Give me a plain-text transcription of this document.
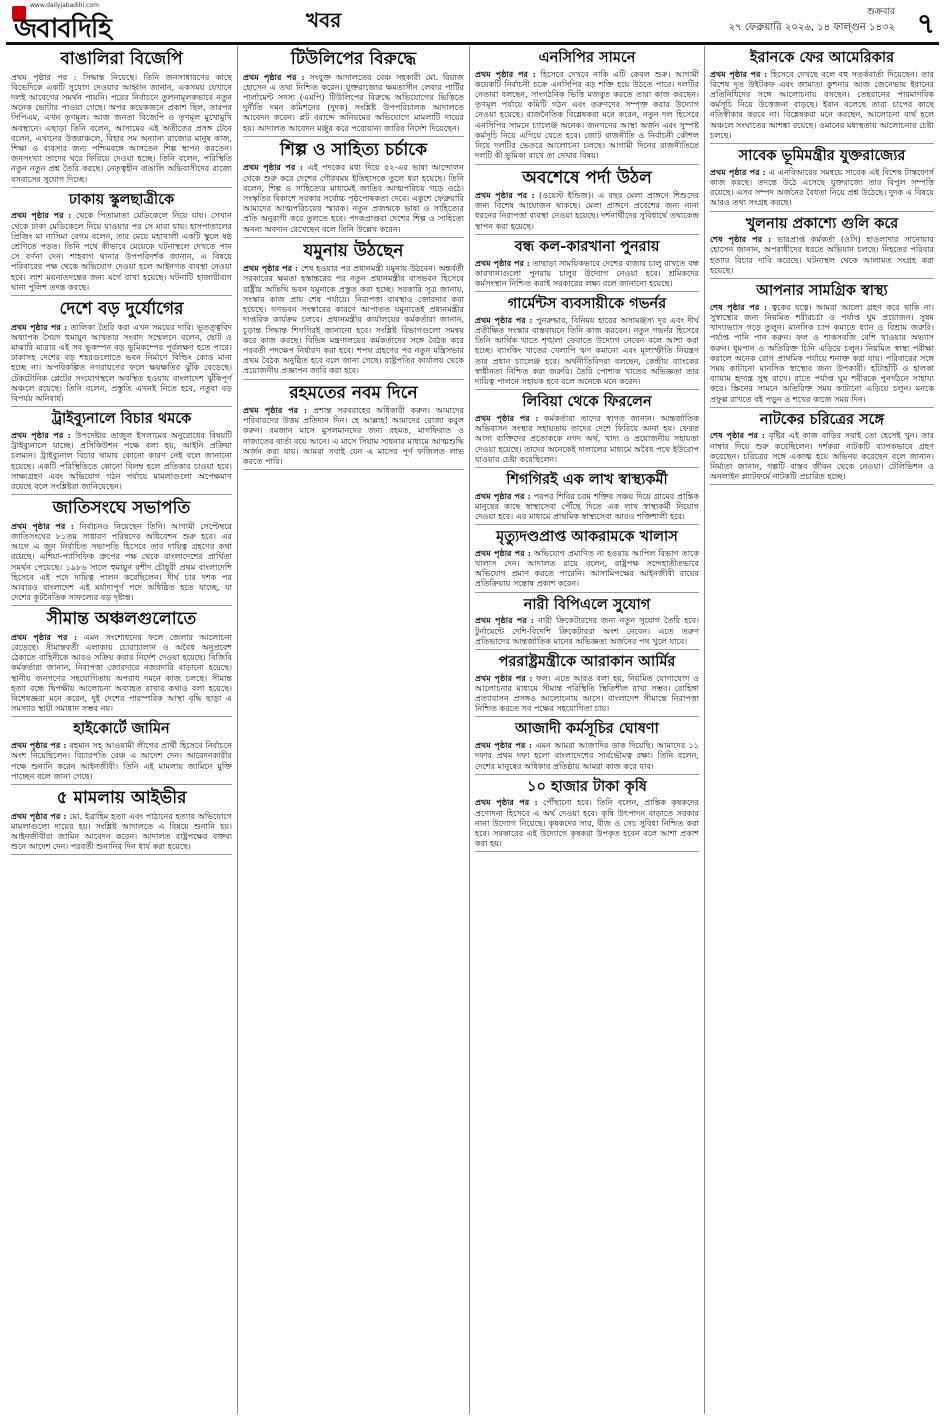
www.dailyjabadihi.com
জবাবদিহি	খবর	শুক্রবার
২৭ ফেব্রুয়ারি ২০২৬, ১৪ ফাল্গুন ১৪৩২ ৭
বাঙালিরা বিজেপি

প্রথম পৃষ্ঠার পর : সিদ্ধান্ত নিয়েছে। তিনি জনসাধারণের কাছে বিভেদিকে একটি সুযোগ দেওয়ার আহ্বান জানান, একসময় যেখানে দলই আবেগের সমর্থন পায়নি। পরের নির্বাচনে তুলনামূলকভাবে নতুন অনেক ভোটার পাওয়া গেছে। অপর কয়েকজনে প্রকাশ ছিল, তারপর সিপিএম, এখন তৃণমূল। আজ জনতা বিজেপি ও তৃণমূল মুখোমুখি অবস্থানে। এছাড়া তিনি বলেন, আসামের এই অতীতের প্রসঙ্গ টেনে বলেন, এখানের উত্তরাঞ্চলে, বিহার সম অন্যান্য রাজ্যের মানুষ কাজ, শিক্ষা ও ব্যবসার জন্য পশ্চিমবঙ্গে আসতেন শিল্প স্থাপন করতেন। জনসংখ্যা তাদের ঘরে ফিরিয়ে দেওয়া হচ্ছে। তিনি বলেন, পরিস্থিতি নতুন নতুন প্রশ্ন তৈরি করছে। নেতৃত্বহীন বাঙালি অভিবাসীদের রাজ্যে বসবাসের সুযোগ দিচ্ছে।

ঢাকায় স্কুলছাত্রীকে

প্রথম পৃষ্ঠার পর : থেকে পিতামাতা মেডিকেলে নিয়ে যায়। সেখান থেকে ঢাকা মেডিকেলে নিয়ে যাওয়ার পর সে মারা যায়। হাসপাতালের প্রিজিং মা নাসিমা বেগম বলেন, তার মেয়ে মহাখালী একটি স্কুলে ষষ্ঠ শ্রেণিতে পড়ত। তিনি পথে কীভাবে মেয়েকে ঘটনাস্থলে দেখতে পান সে বর্ণনা দেন। শাহবাগ থানার উপপরিদর্শক জানান, এ বিষয়ে পরিবারের পক্ষ থেকে অভিযোগ দেওয়া হলে আইনগত ব্যবস্থা নেওয়া হবে। লাশ ময়নাতদন্তের জন্য মর্গে রাখা হয়েছে। ঘটনাটি হাজারীবাগ থানা পুলিশ তদন্ত করছে।

দেশে বড় দুর্যোগের

প্রথম পৃষ্ঠার পর : তালিকা তৈরি করা এখন সময়ের দাবি। ভূতত্ত্ববিদ অধ্যাপক সৈয়দ হুমায়ুন আখতার সংবাদ সম্মেলনে বলেন, ছোট ও মাঝারি মাত্রার এই সব ভূকম্পন বড় ভূমিকম্পের পূর্বলক্ষণ হতে পারে। ঢাকাসহ দেশের বড় শহরগুলোতে ভবন নির্মাণে বিল্ডিং কোড মানা হচ্ছে না। অপরিকল্পিত নগরায়ণের ফলে ক্ষয়ক্ষতির ঝুঁকি বেড়েছে। টেকটোনিক প্লেটের সংযোগস্থলে অবস্থিত হওয়ায় বাংলাদেশ ঝুঁকিপূর্ণ অঞ্চলে রয়েছে। তিনি বলেন, প্রস্তুতি এখনই নিতে হবে, নতুবা বড় বিপর্যয় অনিবার্য।

ট্রাইব্যুনালে বিচার থমকে

প্রথম পৃষ্ঠার পর : উপদেষ্টার তাজুল ইসলামের অনুরোধের বিষয়টি ট্রাইব্যুনালে যাচ্ছে। প্রসিকিউশন পক্ষে বলা হয়, আইনি প্রক্রিয়া চলমান। ট্রাইব্যুনাল বিচার থামার কোনো কারণ নেই বলে জানানো হয়েছে। একটি পরিস্থিতিতে কোনো বিলম্ব হলে প্রতিকার চাওয়া হবে। সাক্ষ্যগ্রহণ এবং অভিযোগ গঠন পর্যায়ে মামলাগুলো অপেক্ষমাণ রয়েছে বলে সংশ্লিষ্টরা জানিয়েছেন।

জাতিসংঘে সভাপতি

প্রথম পৃষ্ঠার পর : নির্বাচনও নিয়েছেন তিনি। আগামী সেপ্টেম্বরে জাতিসংঘের ৮১তম সাধারণ পরিষদের অধিবেশন শুরু হবে। এর আগে এ জুন নির্বাচিত সভাপতি হিসেবে তার দায়িত্ব গ্রহণের কথা রয়েছে। এশিয়া-প্যাসিফিক গ্রুপের পক্ষ থেকে বাংলাদেশের প্রার্থিতা সমর্থন পেয়েছে। ১৯৮৬ সালে হুমায়ুন রশীদ চৌধুরী প্রথম বাংলাদেশি হিসেবে এই পদে দায়িত্ব পালন করেছিলেন। দীর্ঘ চার দশক পর আবারও বাংলাদেশ এই মর্যাদাপূর্ণ পদে অধিষ্ঠিত হতে যাচ্ছে, যা দেশের কূটনৈতিক সাফল্যের বড় দৃষ্টান্ত।

সীমান্ত অঞ্চলগুলোতে

প্রথম পৃষ্ঠার পর : এমন সংশোধনের ফলে জেলার আলোচনা বেড়েছে। সীমান্তবর্তী এলাকায় চোরাচালান ও অবৈধ অনুপ্রবেশ ঠেকাতে বাহিনীকে আরও সক্রিয় করার নির্দেশ দেওয়া হয়েছে। বিজিবি কর্মকর্তারা জানান, নিরাপত্তা জোরদারে নজরদারি বাড়ানো হয়েছে। স্থানীয় জনগণের সহযোগিতায় অপরাধ দমনে কাজ চলছে। সীমান্ত হত্যা বন্ধে দ্বিপক্ষীয় আলোচনা অব্যাহত রাখার কথাও বলা হয়েছে। বিশেষজ্ঞরা মনে করেন, দুই দেশের পারস্পরিক আস্থা বৃদ্ধি ছাড়া এ সমস্যার স্থায়ী সমাধান সম্ভব নয়।

হাইকোর্টে জামিন

প্রথম পৃষ্ঠার পর : রহমান সহ আওয়ামী লীগের প্রার্থী হিসেবে নির্বাচনে অংশ নিয়েছিলেন। বিচারপতি বেঞ্চ এ আদেশ দেন। আবেদনকারীর পক্ষে শুনানি করেন আইনজীবী। তিনি এই মামলায় জামিনে মুক্তি পাচ্ছেন বলে জানা গেছে।

৫ মামলায় আইভীর

প্রথম পৃষ্ঠার পর : মো. ইব্রাহিম হত্যা এবং পাঠানের হত্যার অভিযোগে মামলাগুলো দায়ের হয়। সংশ্লিষ্ট আদালতে এ বিষয়ে শুনানি হয়। আইনজীবীরা জামিন আবেদন করেন। আদালত রাষ্ট্রপক্ষের বক্তব্য শুনে আদেশ দেন। পরবর্তী শুনানির দিন ধার্য করা হয়েছে।

টিউলিপের বিরুদ্ধে

প্রথম পৃষ্ঠার পর : সংযুক্ত আদালতের বেঞ্চ সহকারী মো. রিয়াজ হোসেন এ তথ্য নিশ্চিত করেন। যুক্তরাজ্যের ক্ষমতাসীন লেবার পার্টির পার্লামেন্ট সদস্য (এমপি) টিউলিপের বিরুদ্ধে অভিযোগের ভিত্তিতে দুর্নীতি দমন কমিশনের (দুদক) সংশ্লিষ্ট উপপরিচালক আদালতে আবেদন করেন। প্লট বরাদ্দে অনিয়মের অভিযোগে মামলাটি দায়ের হয়। আদালত আবেদন মঞ্জুর করে পরোয়ানা জারির নির্দেশ দিয়েছেন।

শিল্প ও সাহিত্য চর্চাকে

প্রথম পৃষ্ঠার পর : এই পদকের মধ্য দিয়ে ৫২-এর ভাষা আন্দোলন থেকে শুরু করে দেশের গৌরবময় ইতিহাসকে তুলে ধরা হয়েছে। তিনি বলেন, শিল্প ও সাহিত্যের মাধ্যমেই জাতির আত্মপরিচয় গড়ে ওঠে। সংস্কৃতির বিকাশে সরকার সর্বোচ্চ পৃষ্ঠপোষকতা দেবে। একুশে ফেব্রুয়ারি আমাদের আত্মপরিচয়ের স্মারক। নতুন প্রজন্মকে ভাষা ও সাহিত্যের প্রতি অনুরাগী করে তুলতে হবে। পদকপ্রাপ্তরা দেশের শিল্প ও সাহিত্যে অনন্য অবদান রেখেছেন বলে তিনি উল্লেখ করেন।

যমুনায় উঠছেন

প্রথম পৃষ্ঠার পর : শেষ হওয়ার পর প্রধানমন্ত্রী যমুনায় উঠবেন। অন্তর্বর্তী সরকারের ক্ষমতা হস্তান্তরের পর নতুন প্রধানমন্ত্রীর বাসভবন হিসেবে রাষ্ট্রীয় অতিথি ভবন যমুনাকে প্রস্তুত করা হচ্ছে। সরকারি সূত্র জানায়, সংস্কার কাজ প্রায় শেষ পর্যায়ে। নিরাপত্তা ব্যবস্থাও জোরদার করা হয়েছে। গণভবন সংস্কারের কারণে আপাতত যমুনাতেই প্রধানমন্ত্রীর দাপ্তরিক কার্যক্রম চলবে। প্রধানমন্ত্রীর কার্যালয়ের কর্মকর্তারা জানান, চূড়ান্ত সিদ্ধান্ত শিগগিরই জানানো হবে। সংশ্লিষ্ট বিভাগগুলো সমন্বয় করে কাজ করছে। বিভিন্ন মন্ত্রণালয়ের কর্মকর্তাদের সঙ্গে বৈঠক করে পরবর্তী পদক্ষেপ নির্ধারণ করা হবে। শপথ গ্রহণের পর নতুন মন্ত্রিসভার প্রথম বৈঠক অনুষ্ঠিত হবে বলে জানা গেছে। রাষ্ট্রপতির কার্যালয় থেকে প্রয়োজনীয় প্রজ্ঞাপন জারি করা হবে।

রহমতের নবম দিনে

প্রথম পৃষ্ঠার পর : প্রশান্ত সরবরাহের অধিকারী করুন। আমাদের পরিবারদের উত্তম প্রতিদান দিন। হে আল্লাহ! আমাদের রোজা কবুল করুন। রমজান মাসে মুসলমানদের জন্য রহমত, মাগফিরাত ও নাজাতের বার্তা বয়ে আনে। এ মাসে সিয়াম সাধনার মাধ্যমে আত্মশুদ্ধি অর্জন করা যায়। আমরা সবাই যেন এ মাসের পূর্ণ ফজিলত লাভ করতে পারি।

এনসিপির সামনে

প্রথম পৃষ্ঠার পর : হিসেবে দেখবে নাকি এটি কেবল শুরু। আগামী কয়েকটি নির্বাচনী চক্রে এনসিপির বড় শক্তি হয়ে উঠতে পারে। দলটির নেতারা বলছেন, সাংগঠনিক ভিত্তি মজবুত করতে তারা কাজ করছেন। তৃণমূল পর্যায়ে কমিটি গঠন এবং তরুণদের সম্পৃক্ত করার উদ্যোগ নেওয়া হয়েছে। রাজনৈতিক বিশ্লেষকরা মনে করেন, নতুন দল হিসেবে এনসিপির সামনে চ্যালেঞ্জ অনেক। জনগণের আস্থা অর্জন এবং সুস্পষ্ট কর্মসূচি নিয়ে এগিয়ে যেতে হবে। জোট রাজনীতি ও নির্বাচনী কৌশল নিয়ে দলটির ভেতরে আলোচনা চলছে। আগামী দিনের রাজনীতিতে দলটি কী ভূমিকা রাখে তা দেখার বিষয়।

অবশেষে পর্দা উঠল

প্রথম পৃষ্ঠার পর : (ওয়েস্ট ইন্ডিজ)। এ বছর মেলা প্রাঙ্গণে শিশুদের জন্য বিশেষ আয়োজন থাকছে। মেলা প্রাঙ্গণে প্রবেশের জন্য নানা ধরনের নিরাপত্তা ব্যবস্থা নেওয়া হয়েছে। দর্শনার্থীদের সুবিধার্থে তথ্যকেন্দ্র স্থাপন করা হয়েছে।

বন্ধ কল-কারখানা পুনরায়

প্রথম পৃষ্ঠার পর : তাছাড়া সাময়িকভাবে দেশের বাজার চালু রাখতে বন্ধ কারখানাগুলো পুনরায় চালুর উদ্যোগ নেওয়া হবে। শ্রমিকদের কর্মসংস্থান নিশ্চিত করাই সরকারের লক্ষ্য বলে জানানো হয়েছে।

গার্মেন্টস ব্যবসায়ীকে গভর্নর

প্রথম পৃষ্ঠার পর : পুনরুদ্ধার, বিনিময় হারের অসামঞ্জস্য দূর এবং দীর্ঘ প্রতীক্ষিত সংস্কার বাস্তবায়নে তিনি কাজ করবেন। নতুন গভর্নর হিসেবে তিনি আর্থিক খাতে শৃঙ্খলা ফেরাতে উদ্যোগ নেবেন বলে আশা করা হচ্ছে। ব্যাংকিং খাতের খেলাপি ঋণ কমানো এবং মূল্যস্ফীতি নিয়ন্ত্রণ তার প্রধান চ্যালেঞ্জ হবে। অর্থনীতিবিদরা বলছেন, কেন্দ্রীয় ব্যাংকের স্বাধীনতা নিশ্চিত করা জরুরি। তৈরি পোশাক খাতের অভিজ্ঞতা তার দায়িত্ব পালনে সহায়ক হবে বলে অনেকে মনে করেন।

লিবিয়া থেকে ফিরলেন

প্রথম পৃষ্ঠার পর : কর্মকর্তারা তাদের স্বাগত জানান। আন্তর্জাতিক অভিবাসন সংস্থার সহায়তায় তাদের দেশে ফিরিয়ে আনা হয়। ফেরত আসা ব্যক্তিদের প্রত্যেককে নগদ অর্থ, খাদ্য ও প্রয়োজনীয় সহায়তা দেওয়া হয়েছে। তাদের অনেকেই দালালের মাধ্যমে অবৈধ পথে ইউরোপ যাওয়ার চেষ্টা করেছিলেন।

শিগগিরই এক লাখ স্বাস্থ্যকর্মী

প্রথম পৃষ্ঠার পর : পরপর শিবির চরম শক্তির সঞ্চয় দিয়ে গ্রামের প্রান্তিক মানুষের কাছে স্বাস্থ্যসেবা পৌঁছে দিতে এক লাখ স্বাস্থ্যকর্মী নিয়োগ দেওয়া হবে। এর মাধ্যমে প্রাথমিক স্বাস্থ্যসেবা আরও শক্তিশালী হবে।

মৃত্যুদণ্ডপ্রাপ্ত আকরামকে খালাস

প্রথম পৃষ্ঠার পর : অভিযোগ প্রমাণিত না হওয়ায় আপিল বিভাগ তাকে খালাস দেন। আদালত রায়ে বলেন, রাষ্ট্রপক্ষ সন্দেহাতীতভাবে অভিযোগ প্রমাণ করতে পারেনি। আসামিপক্ষের আইনজীবী রায়ের প্রতিক্রিয়ায় সন্তোষ প্রকাশ করেন।

নারী বিপিএলে সুযোগ

প্রথম পৃষ্ঠার পর : নারী ক্রিকেটারদের জন্য নতুন সুযোগ তৈরি হবে। টুর্নামেন্টে দেশি-বিদেশি ক্রিকেটাররা অংশ নেবেন। এতে তরুণ প্রতিভাদের আন্তর্জাতিক মানের অভিজ্ঞতা অর্জনের পথ খুলে যাবে।

পররাষ্ট্রমন্ত্রীকে আরাকান আর্মির

প্রথম পৃষ্ঠার পর : ফল। এতে আরও বলা হয়, নিয়মিত যোগাযোগ ও আলোচনার মাধ্যমে সীমান্ত পরিস্থিতি স্থিতিশীল রাখা সম্ভব। রোহিঙ্গা প্রত্যাবাসন প্রসঙ্গও আলোচনায় আসে। বাংলাদেশ সীমান্তে নিরাপত্তা নিশ্চিত করতে সব পক্ষের সহযোগিতা চায়।

আজাদী কর্মসূচির ঘোষণা

প্রথম পৃষ্ঠার পর : এমন আমরা আজাদির ডাক দিয়েছি। আমাদের ১১ দফার প্রথম দফা হলো বাংলাদেশের সার্বভৌমত্ব রক্ষা। তিনি বলেন, দেশের মানুষের অধিকার প্রতিষ্ঠায় আমরা কাজ করে যাব।

১০ হাজার টাকা কৃষি

প্রথম পৃষ্ঠার পর : পৌঁছানো হবে। তিনি বলেন, প্রান্তিক কৃষকদের প্রণোদনা হিসেবে এ অর্থ দেওয়া হবে। কৃষি উৎপাদন বাড়াতে সরকার নানা উদ্যোগ নিয়েছে। কৃষকদের সার, বীজ ও সেচ সুবিধা নিশ্চিত করা হবে। সরকারের এই উদ্যোগে কৃষকরা উপকৃত হবেন বলে আশা প্রকাশ করা হয়।

ইরানকে ফের আমেরিকার

প্রথম পৃষ্ঠার পর : হিসেবে দেখছে বলে বহু সতর্কবার্তা দিয়েছেন। তার বিশেষ দূত উইটকফ এবং জামাতা কুশনার আজ জেনেভায় ইরানের প্রতিনিধিদের সঙ্গে আলোচনায় বসছেন। তেহরানের পারমাণবিক কর্মসূচি নিয়ে উত্তেজনা বাড়ছে। ইরান বলেছে তারা চাপের কাছে নতিস্বীকার করবে না। বিশ্লেষকরা মনে করছেন, আলোচনা ব্যর্থ হলে অঞ্চলে সংঘাতের আশঙ্কা রয়েছে। ওমানের মধ্যস্থতায় আলোচনার চেষ্টা চলছে।

সাবেক ভূমিমন্ত্রীর যুক্তরাজ্যের

প্রথম পৃষ্ঠার পর : এ এনবিআরের সমন্বয়ে সাবেক এই বিশেষ টাস্কফোর্স কাজ করছে। তদন্তে উঠে এসেছে যুক্তরাজ্যে তার বিপুল সম্পত্তি রয়েছে। এসব সম্পদ অর্জনের বৈধতা নিয়ে প্রশ্ন উঠেছে। দুদক এ বিষয়ে আরও তথ্য সংগ্রহ করছে।

খুলনায় প্রকাশ্যে গুলি করে

শেষ পৃষ্ঠার পর : ভারপ্রাপ্ত কর্মকর্তা (ওসি) হাওলাদার সানোয়ার হোসেন জানান, অপরাধীদের ধরতে অভিযান চলছে। নিহতের পরিবার হত্যার বিচার দাবি করেছে। ঘটনাস্থল থেকে আলামত সংগ্রহ করা হয়েছে।

আপনার সামগ্রিক স্বাস্থ্য

শেষ পৃষ্ঠার পর : ত্বকের যত্নে। আমরা আলো গ্রহণ করে থাকি না। সুস্বাস্থ্যের জন্য নিয়মিত শরীরচর্চা ও পর্যাপ্ত ঘুম প্রয়োজন। সুষম খাদ্যাভ্যাস গড়ে তুলুন। মানসিক চাপ কমাতে ধ্যান ও বিশ্রাম জরুরি। পর্যাপ্ত পানি পান করুন। ফল ও শাকসবজি বেশি খাওয়ার অভ্যাস করুন। ধূমপান ও অতিরিক্ত চিনি এড়িয়ে চলুন। নিয়মিত স্বাস্থ্য পরীক্ষা করালে অনেক রোগ প্রাথমিক পর্যায়ে শনাক্ত করা যায়। পরিবারের সঙ্গে সময় কাটানো মানসিক স্বাস্থ্যের জন্য উপকারী। হাঁটাহাঁটি ও হালকা ব্যায়াম হৃদ্যন্ত্র সুস্থ রাখে। রাতে পর্যাপ্ত ঘুম শরীরকে পুনর্গঠনে সাহায্য করে। স্ক্রিনের সামনে অতিরিক্ত সময় কাটানো এড়িয়ে চলুন। মনকে প্রফুল্ল রাখতে বই পড়ুন ও শখের কাজে সময় দিন।

নাটকের চরিত্রের সঙ্গে

শেষ পৃষ্ঠার পর : বৃষ্টির এই কাজ বাড়ির সবাই তো হেসেই খুন। তার নাম্বার দিয়ে শুরু করেছিলেন। দর্শকরা নাটকটি ব্যাপকভাবে গ্রহণ করেছেন। চরিত্রের সঙ্গে একাত্ম হয়ে অভিনয় করেছেন বলে জানান। নির্মাতা জানান, গল্পটি বাস্তব জীবন থেকে নেওয়া। টেলিভিশন ও অনলাইন প্ল্যাটফর্মে নাটকটি প্রচারিত হচ্ছে।
